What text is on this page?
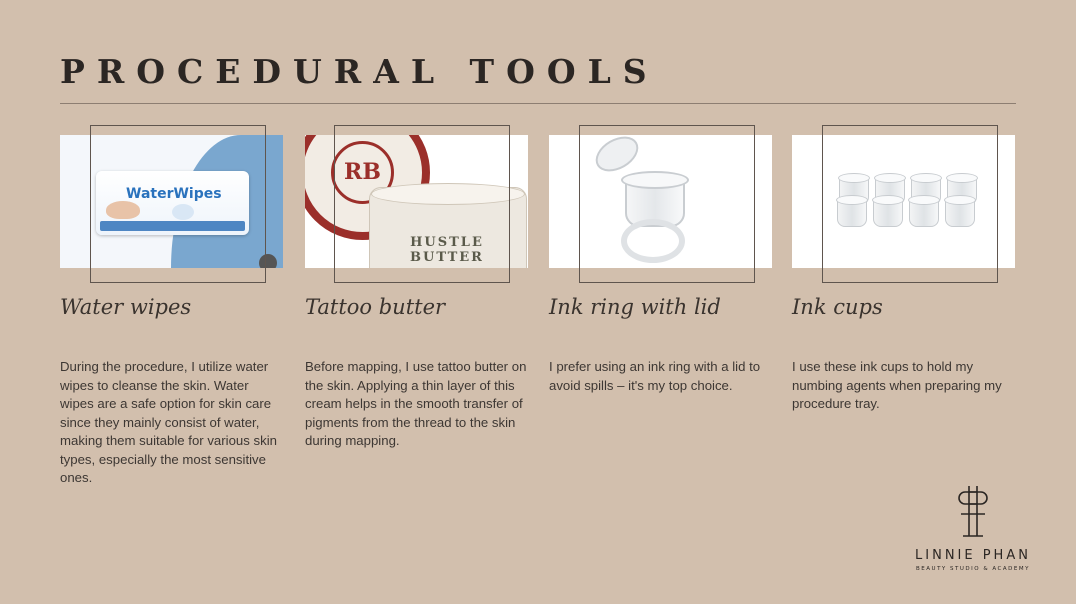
PROCEDURAL TOOLS
WaterWipes
Water wipes
During the procedure, I utilize water wipes to cleanse the skin. Water wipes are a safe option for skin care since they mainly consist of water, making them suitable for various skin types, especially the most sensitive ones.
RB
HUSTLE BUTTER
Tattoo butter
Before mapping, I use tattoo butter on the skin. Applying a thin layer of this cream helps in the smooth transfer of pigments from the thread to the skin during mapping.
Ink ring with lid
I prefer using an ink ring with a lid to avoid spills – it's my top choice.
Ink cups
I use these ink cups to hold my numbing agents when preparing my procedure tray.
LINNIE PHAN
BEAUTY STUDIO & ACADEMY
